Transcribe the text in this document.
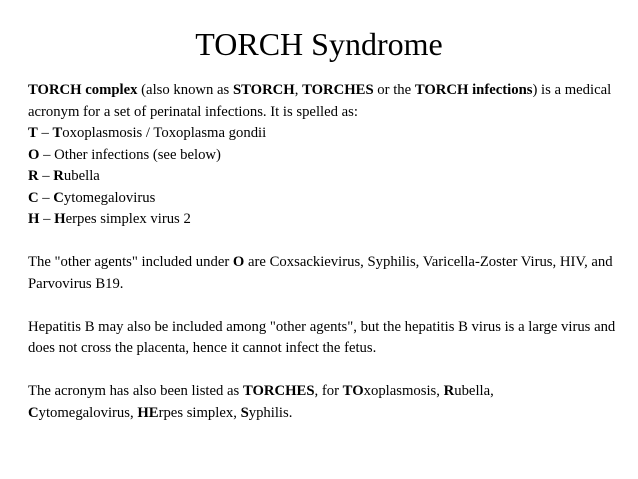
TORCH Syndrome

TORCH complex (also known as STORCH, TORCHES or the TORCH infections) is a medical acronym for a set of perinatal infections. It is spelled as:

T – Toxoplasmosis / Toxoplasma gondii

O – Other infections (see below)

R – Rubella

C – Cytomegalovirus

H – Herpes simplex virus 2

The "other agents" included under O are Coxsackievirus, Syphilis, Varicella-Zoster Virus, HIV, and Parvovirus B19.

Hepatitis B may also be included among "other agents", but the hepatitis B virus is a large virus and does not cross the placenta, hence it cannot infect the fetus.

The acronym has also been listed as TORCHES, for TOxoplasmosis, Rubella,
Cytomegalovirus, HErpes simplex, Syphilis.
